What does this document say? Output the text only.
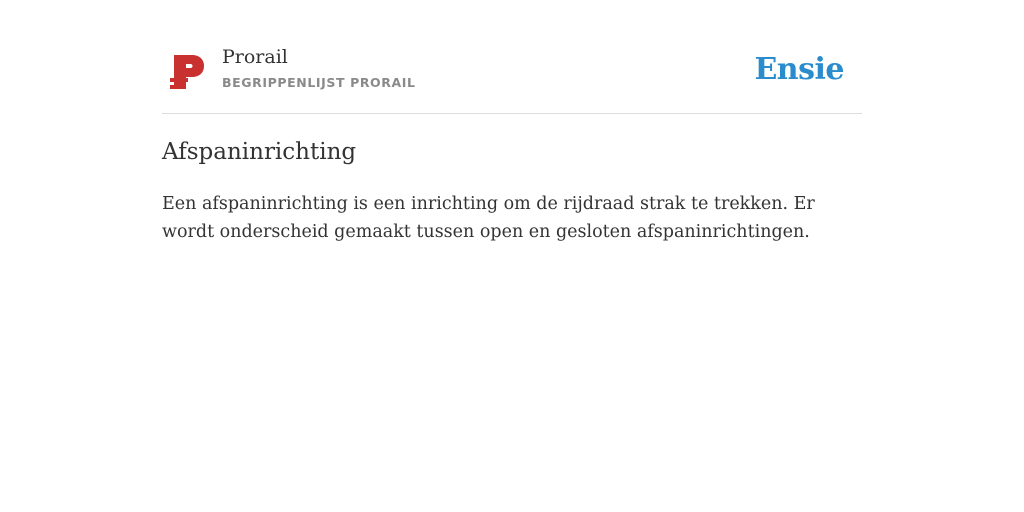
Prorail
BEGRIPPENLIJST PRORAIL	Ensie
Afspaninrichting

Een afspaninrichting is een inrichting om de rijdraad strak te trekken. Er wordt onderscheid gemaakt tussen open en gesloten afspaninrichtingen.
